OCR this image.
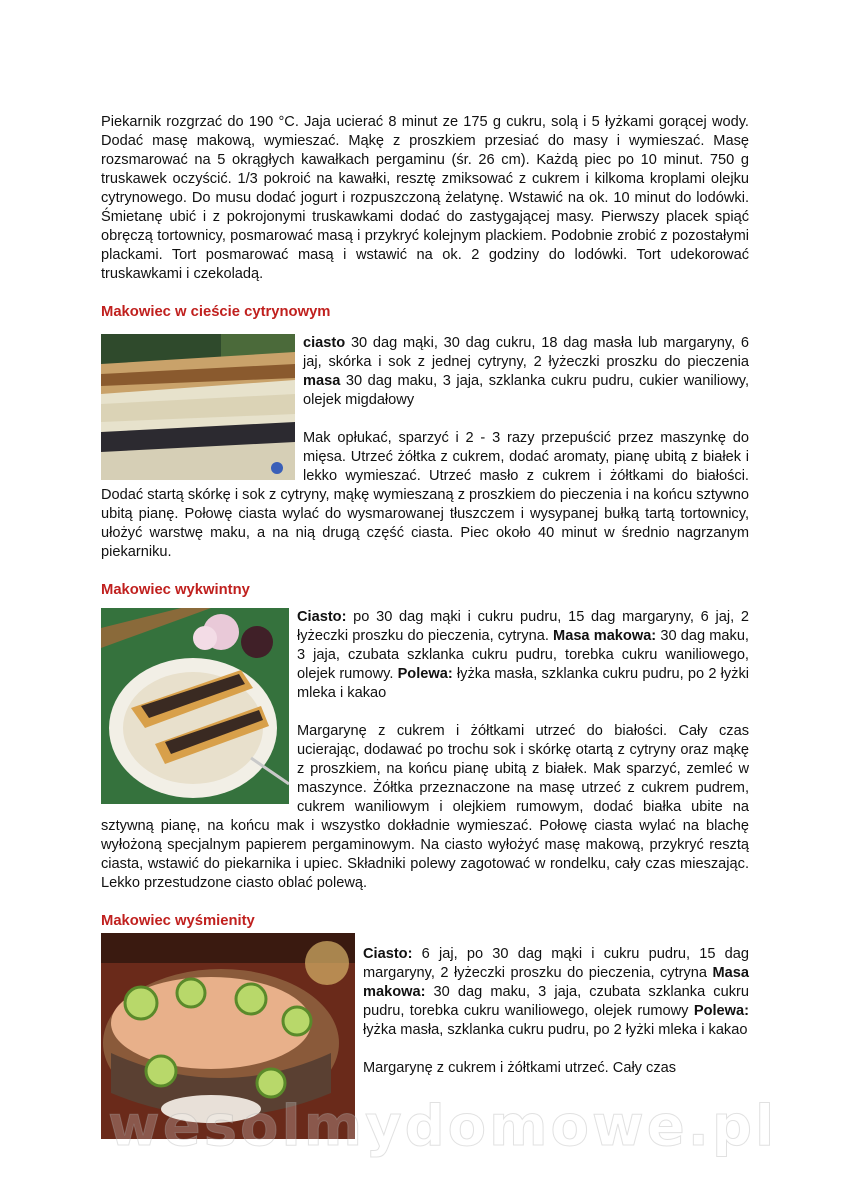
Piekarnik rozgrzać do 190 °C. Jaja ucierać 8 minut ze 175 g cukru, solą i 5 łyżkami gorącej wody. Dodać masę makową, wymieszać. Mąkę z proszkiem przesiać do masy i wymieszać. Masę rozsmarować na 5 okrągłych kawałkach pergaminu (śr. 26 cm). Każdą piec po 10 minut. 750 g truskawek oczyścić. 1/3 pokroić na kawałki, resztę zmiksować z cukrem i kilkoma kroplami olejku cytrynowego. Do musu dodać jogurt i rozpuszczoną żelatynę. Wstawić na ok. 10 minut do lodówki. Śmietanę ubić i z pokrojonymi truskawkami dodać do zastygającej masy. Pierwszy placek spiąć obręczą tortownicy, posmarować masą i przykryć kolejnym plackiem. Podobnie zrobić z pozostałymi plackami. Tort posmarować masą i wstawić na ok. 2 godziny do lodówki. Tort udekorować truskawkami i czekoladą.

Makowiec w cieście cytrynowym

ciasto 30 dag mąki, 30 dag cukru, 18 dag masła lub margaryny, 6 jaj, skórka i sok z jednej cytryny, 2 łyżeczki proszku do pieczenia masa 30 dag maku, 3 jaja, szklanka cukru pudru, cukier waniliowy, olejek migdałowy

Mak opłukać, sparzyć i 2 - 3 razy przepuścić przez maszynkę do mięsa. Utrzeć żółtka z cukrem, dodać aromaty, pianę ubitą z białek i lekko wymieszać. Utrzeć masło z cukrem i żółtkami do białości. Dodać startą skórkę i sok z cytryny, mąkę wymieszaną z proszkiem do pieczenia i na końcu sztywno ubitą pianę. Połowę ciasta wylać do wysmarowanej tłuszczem i wysypanej bułką tartą tortownicy, ułożyć warstwę maku, a na nią drugą część ciasta. Piec około 40 minut w średnio nagrzanym piekarniku.

Makowiec wykwintny

Ciasto: po 30 dag mąki i cukru pudru, 15 dag margaryny, 6 jaj, 2 łyżeczki proszku do pieczenia, cytryna. Masa makowa: 30 dag maku, 3 jaja, czubata szklanka cukru pudru, torebka cukru waniliowego, olejek rumowy. Polewa: łyżka masła, szklanka cukru pudru, po 2 łyżki mleka i kakao

Margarynę z cukrem i żółtkami utrzeć do białości. Cały czas ucierając, dodawać po trochu sok i skórkę otartą z cytryny oraz mąkę z proszkiem, na końcu pianę ubitą z białek. Mak sparzyć, zemleć w maszynce. Żółtka przeznaczone na masę utrzeć z cukrem pudrem, cukrem waniliowym i olejkiem rumowym, dodać białka ubite na sztywną pianę, na końcu mak i wszystko dokładnie wymieszać. Połowę ciasta wylać na blachę wyłożoną specjalnym papierem pergaminowym. Na ciasto wyłożyć masę makową, przykryć resztą ciasta, wstawić do piekarnika i upiec. Składniki polewy zagotować w rondelku, cały czas mieszając. Lekko przestudzone ciasto oblać polewą.

Makowiec wyśmienity

Ciasto: 6 jaj, po 30 dag mąki i cukru pudru, 15 dag margaryny, 2 łyżeczki proszku do pieczenia, cytryna Masa makowa: 30 dag maku, 3 jaja, czubata szklanka cukru pudru, torebka cukru waniliowego, olejek rumowy Polewa: łyżka masła, szklanka cukru pudru, po 2 łyżki mleka i kakao

Margarynę z cukrem i żółtkami utrzeć. Cały czas

wesolmydomowe.pl
